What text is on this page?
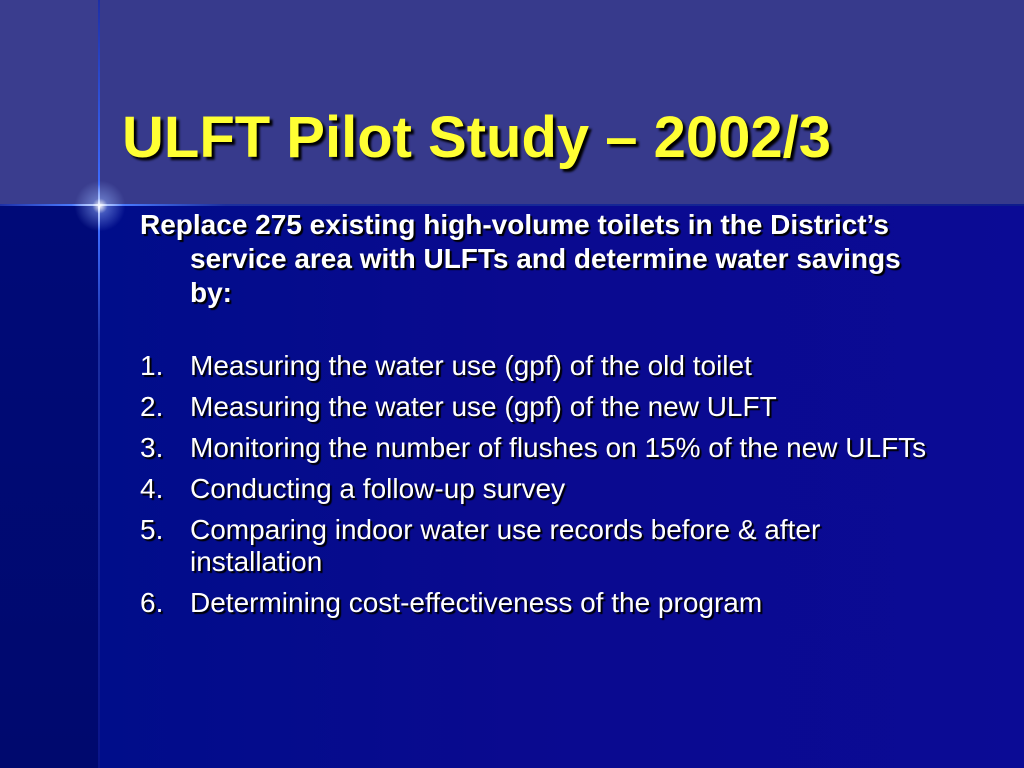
ULFT Pilot Study – 2002/3

Replace 275 existing high-volume toilets in the District’s service area with ULFTs and determine water savings by:

1. Measuring the water use (gpf) of the old toilet
2. Measuring the water use (gpf) of the new ULFT
3. Monitoring the number of flushes on 15% of the new ULFTs
4. Conducting a follow-up survey
5. Comparing indoor water use records before & after installation
6. Determining cost-effectiveness of the program
